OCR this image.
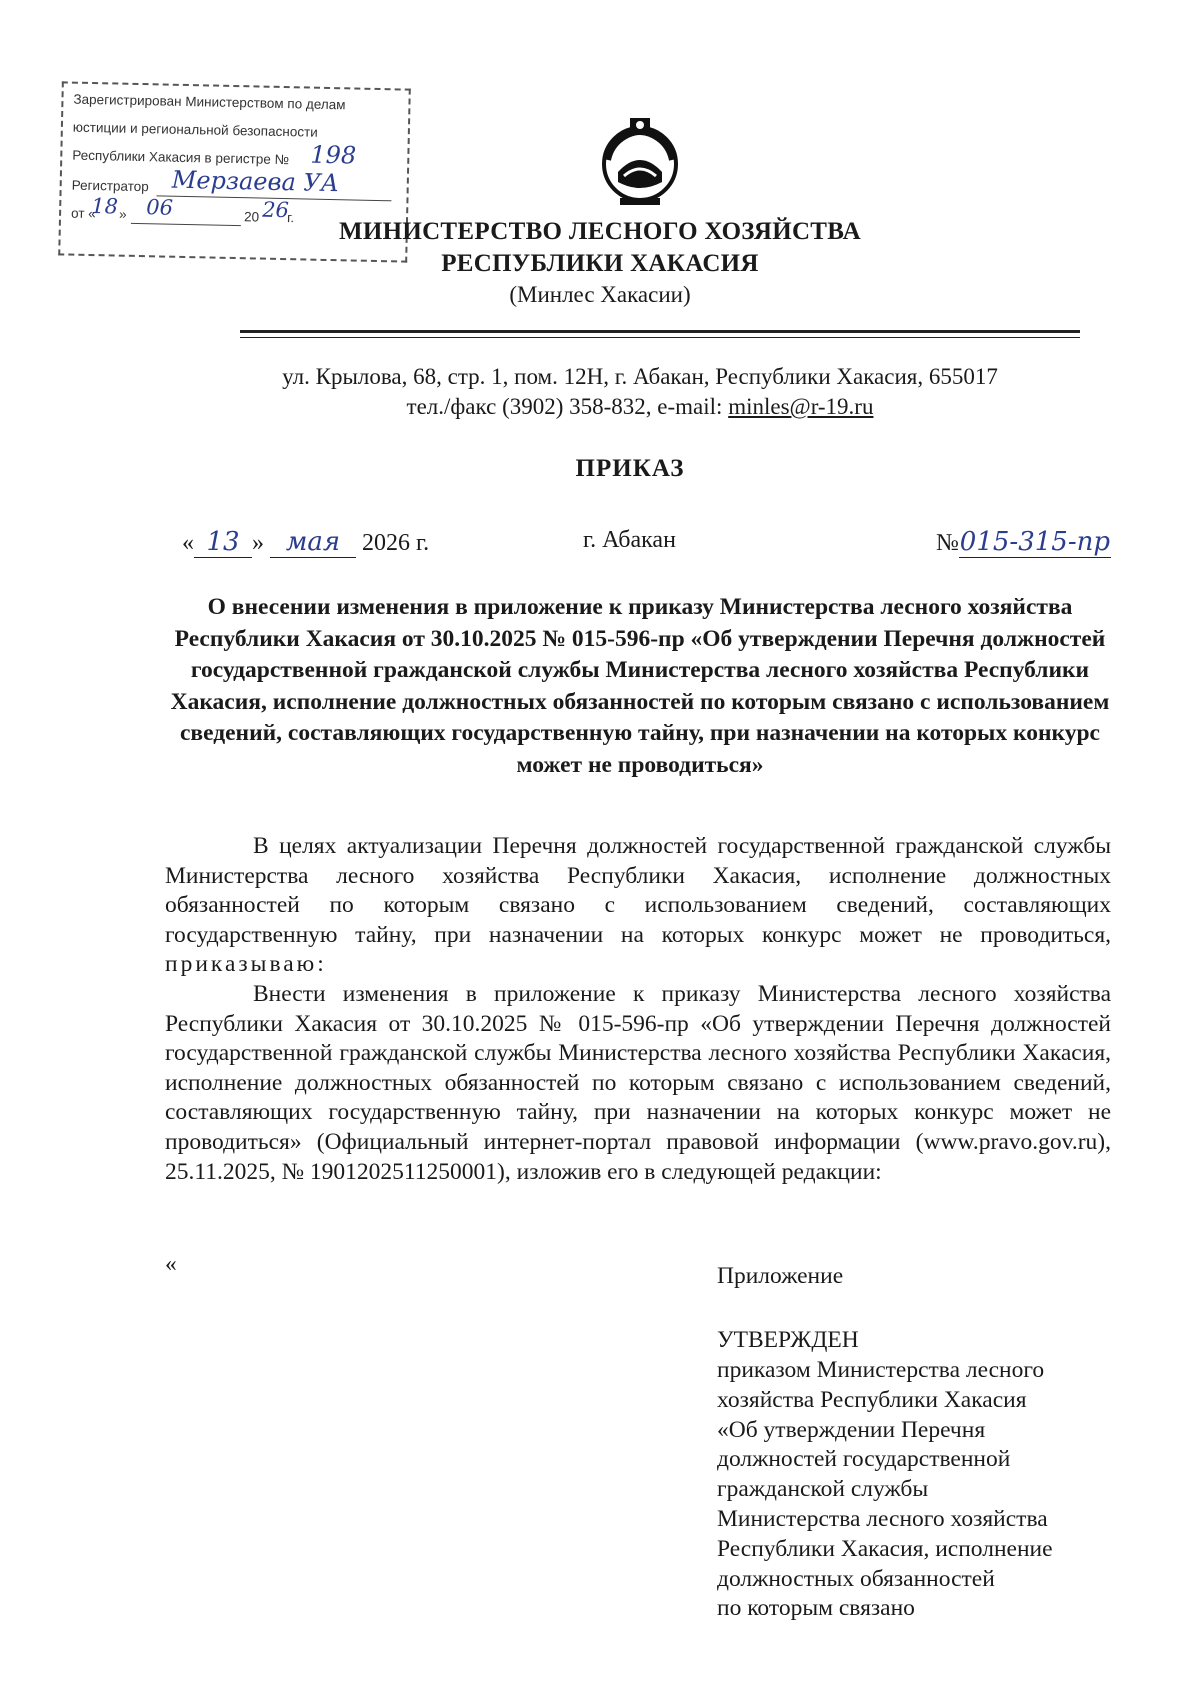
Зарегистрирован Министерством по делам
юстиции и региональной безопасности
Республики Хакасия в регистре № 198
Регистратор Мерзаева УА
от «
18 » 06	20 26
г.
МИНИСТЕРСТВО ЛЕСНОГО ХОЗЯЙСТВА
РЕСПУБЛИКИ ХАКАСИЯ
(Минлес Хакасии)
ул. Крылова, 68, стр. 1, пом. 12Н, г. Абакан, Республики Хакасия, 655017
тел./факс (3902) 358-832, e-mail: minles@r-19.ru
ПРИКАЗ
« 13 » мая 2026 г.	г. Абакан	№015-315-пр
О внесении изменения в приложение к приказу Министерства лесного хозяйства Республики Хакасия от 30.10.2025 № 015-596-пр «Об утверждении Перечня должностей государственной гражданской службы Министерства лесного хозяйства Республики Хакасия, исполнение должностных обязанностей по которым связано с использованием сведений, составляющих государственную тайну, при назначении на которых конкурс может не проводиться»

В целях актуализации Перечня должностей государственной гражданской службы Министерства лесного хозяйства Республики Хакасия, исполнение должностных обязанностей по которым связано с использованием сведений, составляющих государственную тайну, при назначении на которых конкурс может не проводиться, приказываю:

Внести изменения в приложение к приказу Министерства лесного хозяйства Республики Хакасия от 30.10.2025 № 015-596-пр «Об утверждении Перечня должностей государственной гражданской службы Министерства лесного хозяйства Республики Хакасия, исполнение должностных обязанностей по которым связано с использованием сведений, составляющих государственную тайну, при назначении на которых конкурс может не проводиться» (Официальный интернет-портал правовой информации (www.pravo.gov.ru), 25.11.2025, № 1901202511250001), изложив его в следующей редакции:

«	Приложение
УТВЕРЖДЕН
приказом Министерства лесного
хозяйства Республики Хакасия
«Об утверждении Перечня
должностей государственной
гражданской службы
Министерства лесного хозяйства
Республики Хакасия, исполнение
должностных обязанностей
по которым связано
